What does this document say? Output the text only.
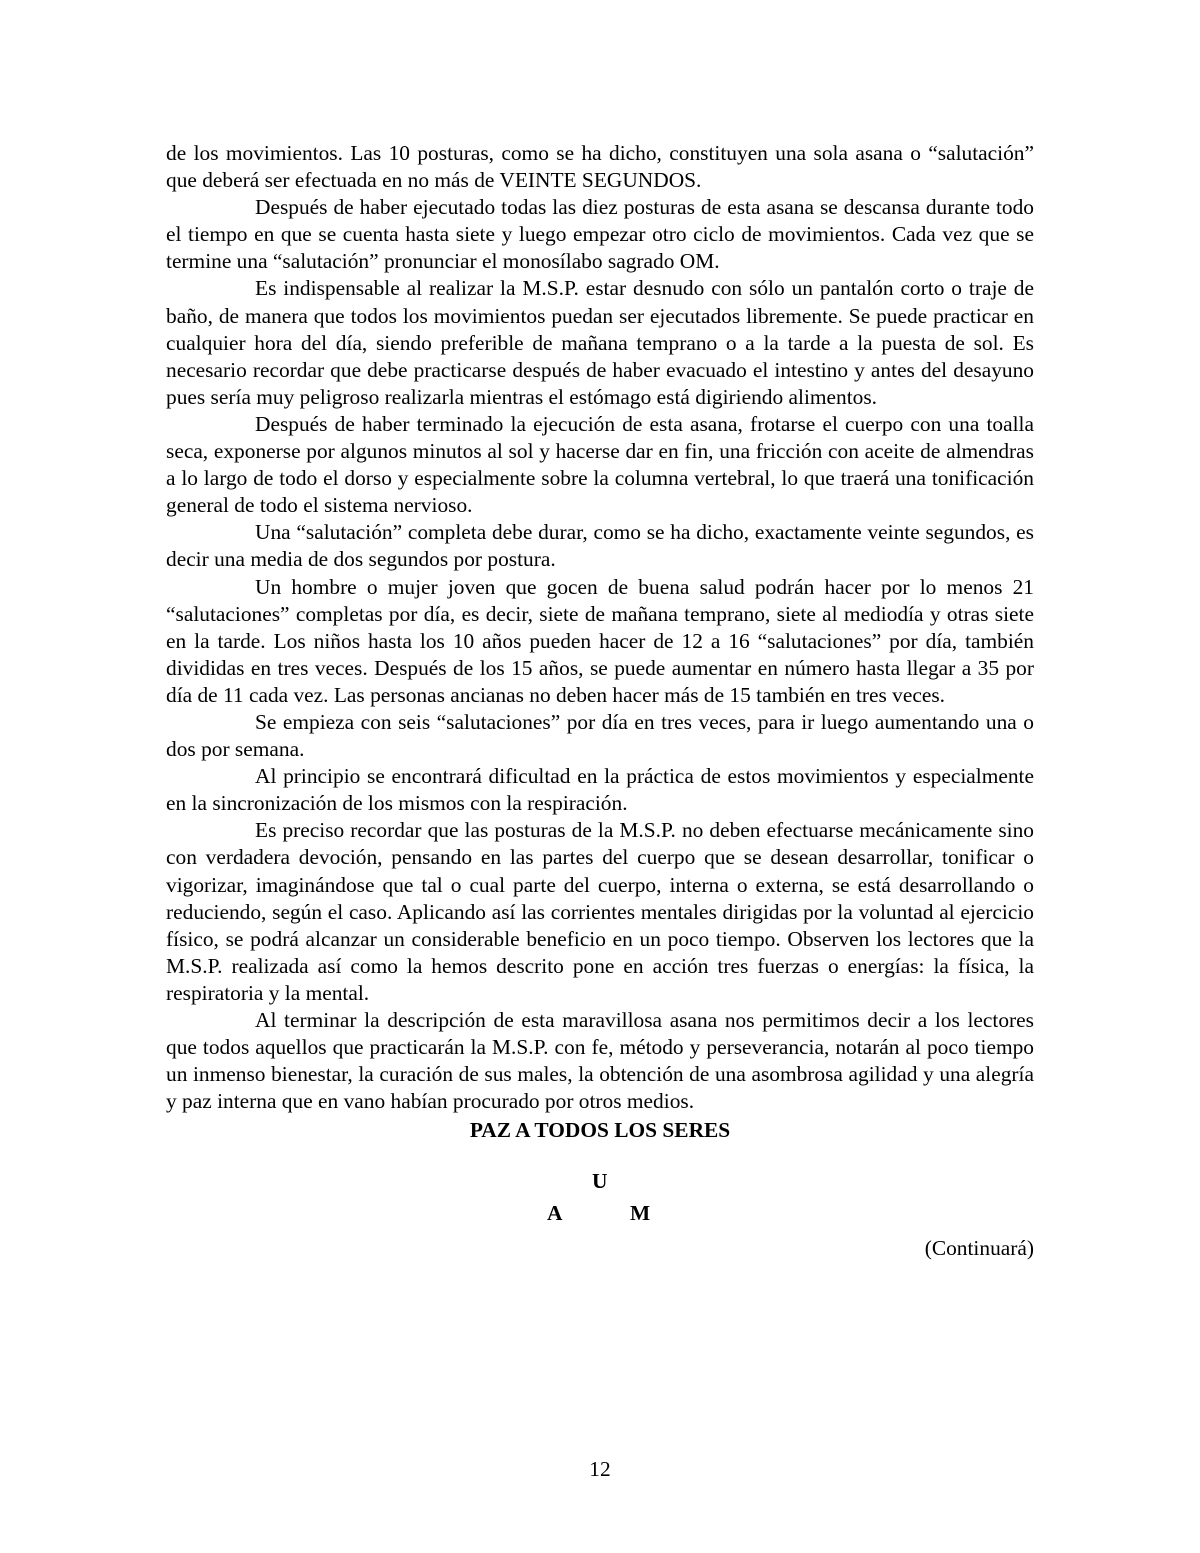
de los movimientos. Las 10 posturas, como se ha dicho, constituyen una sola asana o “salutación” que deberá ser efectuada en no más de VEINTE SEGUNDOS.

Después de haber ejecutado todas las diez posturas de esta asana se descansa durante todo el tiempo en que se cuenta hasta siete y luego empezar otro ciclo de movimientos. Cada vez que se termine una “salutación” pronunciar el monosílabo sagrado OM.

Es indispensable al realizar la M.S.P. estar desnudo con sólo un pantalón corto o traje de baño, de manera que todos los movimientos puedan ser ejecutados libremente. Se puede practicar en cualquier hora del día, siendo preferible de mañana temprano o a la tarde a la puesta de sol. Es necesario recordar que debe practicarse después de haber evacuado el intestino y antes del desayuno pues sería muy peligroso realizarla mientras el estómago está digiriendo alimentos.

Después de haber terminado la ejecución de esta asana, frotarse el cuerpo con una toalla seca, exponerse por algunos minutos al sol y hacerse dar en fin, una fricción con aceite de almendras a lo largo de todo el dorso y especialmente sobre la columna vertebral, lo que traerá una tonificación general de todo el sistema nervioso.

Una “salutación” completa debe durar, como se ha dicho, exactamente veinte segundos, es decir una media de dos segundos por postura.

Un hombre o mujer joven que gocen de buena salud podrán hacer por lo menos 21 “salutaciones” completas por día, es decir, siete de mañana temprano, siete al mediodía y otras siete en la tarde. Los niños hasta los 10 años pueden hacer de 12 a 16 “salutaciones” por día, también divididas en tres veces. Después de los 15 años, se puede aumentar en número hasta llegar a 35 por día de 11 cada vez. Las personas ancianas no deben hacer más de 15 también en tres veces.

Se empieza con seis “salutaciones” por día en tres veces, para ir luego aumentando una o dos por semana.

Al principio se encontrará dificultad en la práctica de estos movimientos y especialmente en la sincronización de los mismos con la respiración.

Es preciso recordar que las posturas de la M.S.P. no deben efectuarse mecánicamente sino con verdadera devoción, pensando en las partes del cuerpo que se desean desarrollar, tonificar o vigorizar, imaginándose que tal o cual parte del cuerpo, interna o externa, se está desarrollando o reduciendo, según el caso. Aplicando así las corrientes mentales dirigidas por la voluntad al ejercicio físico, se podrá alcanzar un considerable beneficio en un poco tiempo. Observen los lectores que la M.S.P. realizada así como la hemos descrito pone en acción tres fuerzas o energías: la física, la respiratoria y la mental.

Al terminar la descripción de esta maravillosa asana nos permitimos decir a los lectores que todos aquellos que practicarán la M.S.P. con fe, método y perseverancia, notarán al poco tiempo un inmenso bienestar, la curación de sus males, la obtención de una asombrosa agilidad y una alegría y paz interna que en vano habían procurado por otros medios.

PAZ A TODOS LOS SERES

U
A	M

(Continuará)

12
